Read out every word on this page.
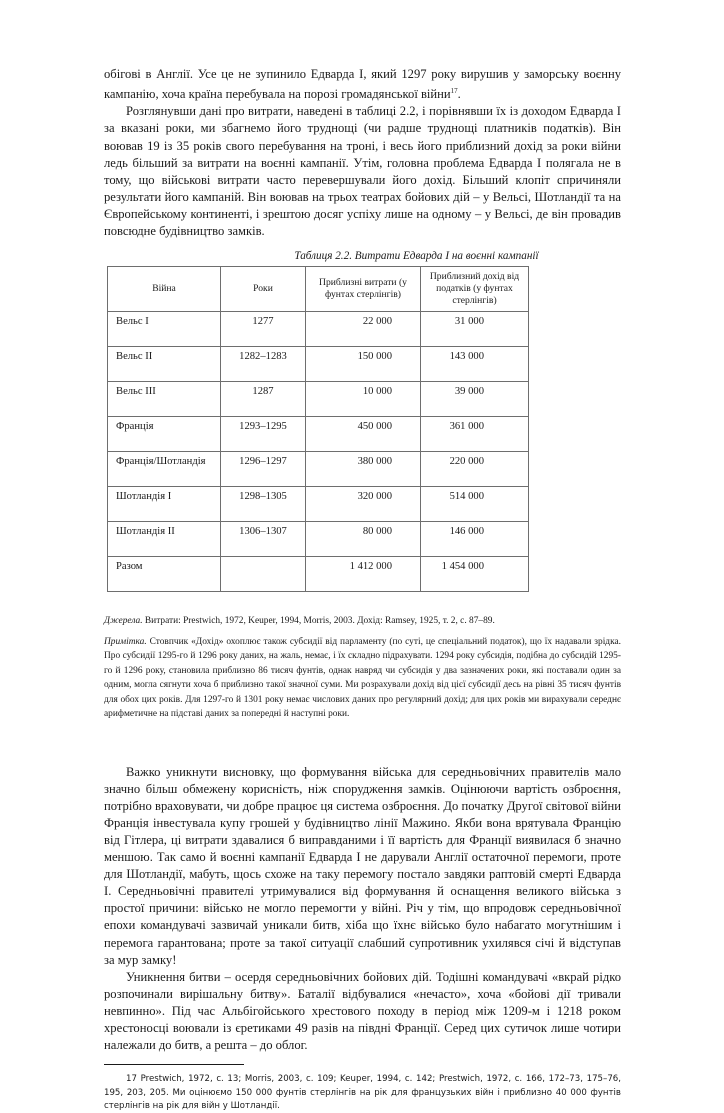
обігові в Англії. Усе це не зупинило Едварда I, який 1297 року вирушив у заморську воєнну кампанію, хоча країна перебувала на порозі громадянської війни$^{17}$.

Розглянувши дані про витрати, наведені в таблиці 2.2, і порівнявши їх із доходом Едварда I за вказані роки, ми збагнемо його труднощі (чи радше труднощі платників податків). Він воював 19 із 35 років свого перебування на троні, і весь його приблизний дохід за роки війни ледь більший за витрати на воєнні кампанії. Утім, головна проблема Едварда I полягала не в тому, що військові витрати часто перевершували його дохід. Більший клопіт спричиняли результати його кампаній. Він воював на трьох театрах бойових дій – у Вельсі, Шотландії та на Європейському континенті, і зрештою досяг успіху лише на одному – у Вельсі, де він провадив повсюдне будівництво замків.

Таблиця 2.2. Витрати Едварда I на воєнні кампанії
Війна	Роки	Приблизні витрати (у фунтах стерлінгів)	Приблизний дохід від податків (у фунтах стерлінгів)
Вельс I	1277	22 000	31 000
Вельс II	1282–1283	150 000	143 000
Вельс III	1287	10 000	39 000
Франція	1293–1295	450 000	361 000
Франція/Шотландія	1296–1297	380 000	220 000
Шотландія I	1298–1305	320 000	514 000
Шотландія II	1306–1307	80 000	146 000
Разом		1 412 000	1 454 000

Джерела. Витрати: Prestwich, 1972, Keuper, 1994, Morris, 2003. Дохід: Ramsey, 1925, т. 2, с. 87–89.

Примітка. Стовпчик «Дохід» охоплює також субсидії від парламенту (по суті, це спеціальний податок), що їх надавали зрідка. Про субсидії 1295-го й 1296 року даних, на жаль, немає, і їх складно підрахувати. 1294 року субсидія, подібна до субсидій 1295-го й 1296 року, становила приблизно 86 тисяч фунтів, однак навряд чи субсидія у два зазначених роки, які поставали один за одним, могла сягнути хоча б приблизно такої значної суми. Ми розрахували дохід від цієї субсидії десь на рівні 35 тисяч фунтів для обох цих років. Для 1297-го й 1301 року немає числових даних про регулярний дохід; для цих років ми вирахували середнє арифметичне на підставі даних за попередні й наступні роки.

Важко уникнути висновку, що формування війська для середньовічних правителів мало значно більш обмежену корисність, ніж спорудження замків. Оцінюючи вартість озброєння, потрібно враховувати, чи добре працює ця система озброєння. До початку Другої світової війни Франція інвестувала купу грошей у будівництво лінії Мажино. Якби вона врятувала Францію від Гітлера, ці витрати здавалися б виправданими і її вартість для Франції виявилася б значно меншою. Так само й воєнні кампанії Едварда I не дарували Англії остаточної перемоги, проте для Шотландії, мабуть, щось схоже на таку перемогу постало завдяки раптовій смерті Едварда I. Середньовічні правителі утримувалися від формування й оснащення великого війська з простої причини: військо не могло перемогти у війні. Річ у тім, що впродовж середньовічної епохи командувачі зазвичай уникали битв, хіба що їхнє військо було набагато могутнішим і перемога гарантована; проте за такої ситуації слабший супротивник ухилявся січі й відступав за мур замку!

Уникнення битви – осердя середньовічних бойових дій. Тодішні командувачі «вкрай рідко розпочинали вирішальну битву». Баталії відбувалися «нечасто», хоча «бойові дії тривали невпинно». Під час Альбігойського хрестового походу в період між 1209-м і 1218 роком хрестоносці воювали із єретиками 49 разів на півдні Франції. Серед цих сутичок лише чотири належали до битв, а решта – до облог.

17 Prestwich, 1972, с. 13; Morris, 2003, с. 109; Keuper, 1994, с. 142; Prestwich, 1972, с. 166, 172–73, 175–76, 195, 203, 205. Ми оцінюємо 150 000 фунтів стерлінгів на рік для французьких війн і приблизно 40 000 фунтів стерлінгів на рік для війн у Шотландії.
